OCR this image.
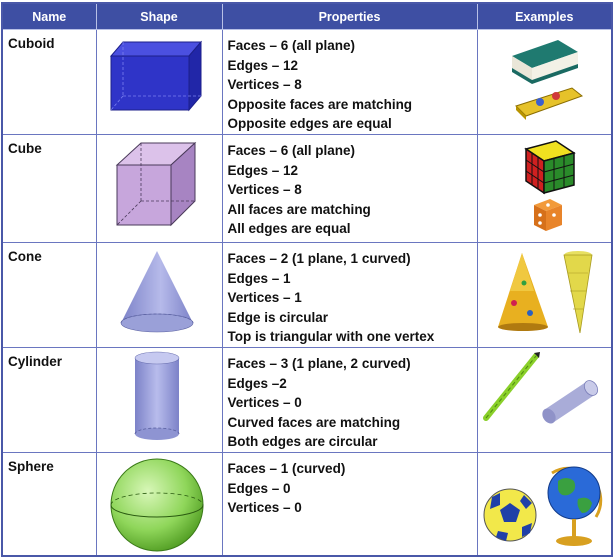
Name	Shape	Properties	Examples
Cuboid		Faces – 6 (all plane)
Edges – 12
Vertices – 8
Opposite faces are matching
Opposite edges are equal

Cube		Faces – 6 (all plane)
Edges – 12
Vertices – 8
All faces are matching
All edges are equal

Cone		Faces – 2 (1 plane, 1 curved)
Edges – 1
Vertices – 1
Edge is circular
Top is triangular with one vertex

Cylinder		Faces – 3 (1 plane, 2 curved)
Edges –2
Vertices – 0
Curved faces are matching
Both edges are circular

Sphere		Faces – 1 (curved)
Edges – 0
Vertices – 0
